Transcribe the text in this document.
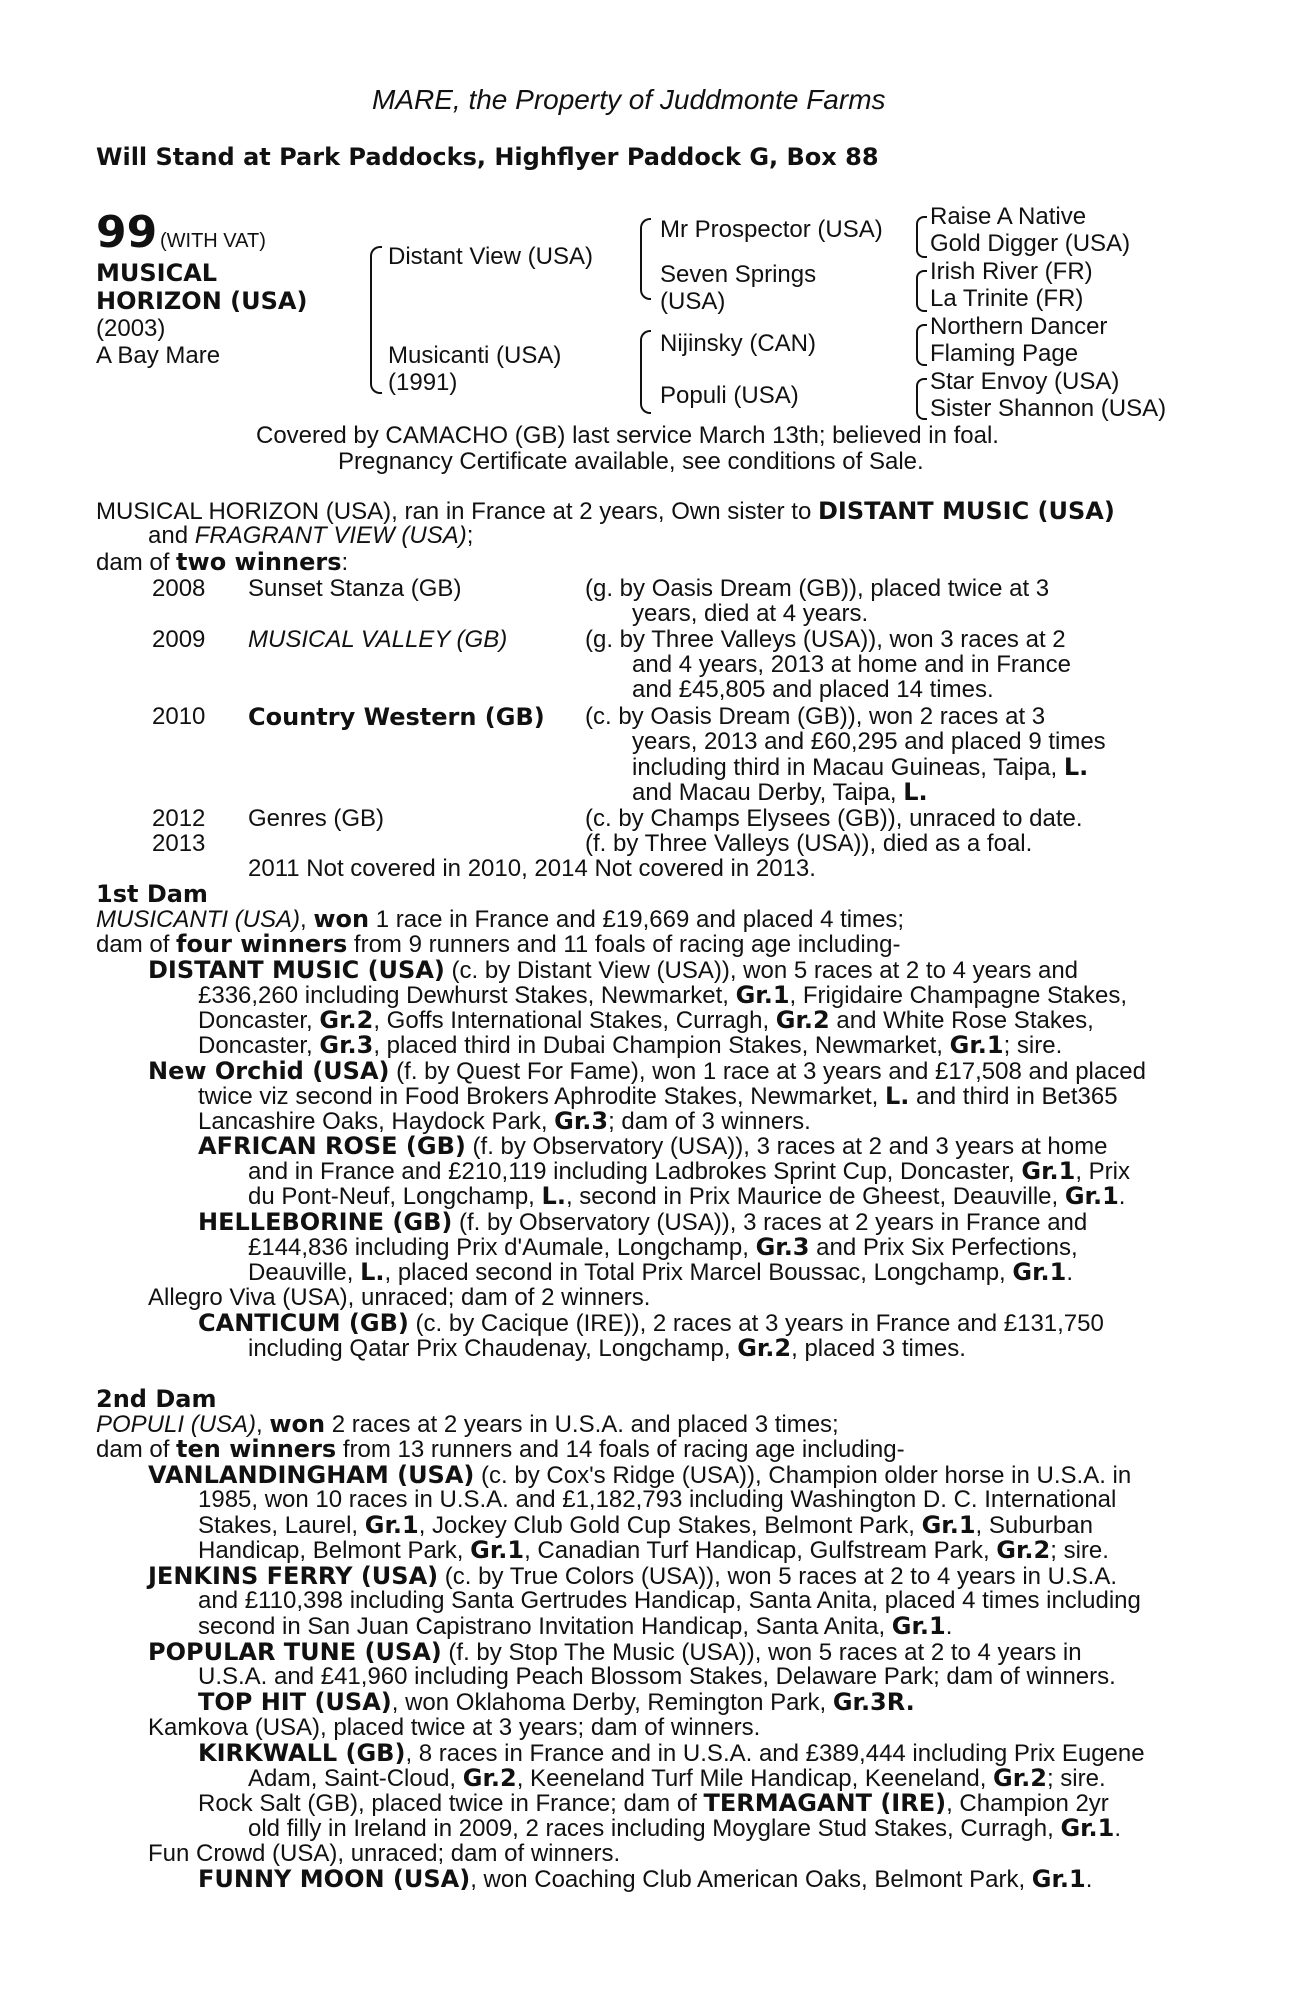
MARE, the Property of Juddmonte Farms
Will Stand at Park Paddocks, Highflyer Paddock G, Box 88
99 (WITH VAT)
MUSICAL
HORIZON (USA)
(2003)
A Bay Mare
Distant View (USA)
Musicanti (USA)
(1991)
Mr Prospector (USA)
Seven Springs
(USA)
Nijinsky (CAN)
Populi (USA)
Raise A Native
Gold Digger (USA)
Irish River (FR)
La Trinite (FR)
Northern Dancer
Flaming Page
Star Envoy (USA)
Sister Shannon (USA)
Covered by CAMACHO (GB) last service March 13th; believed in foal.
Pregnancy Certificate available, see conditions of Sale.
MUSICAL HORIZON (USA), ran in France at 2 years, Own sister to DISTANT MUSIC (USA)
and FRAGRANT VIEW (USA);
dam of two winners:
2008 Sunset Stanza (GB)	(g. by Oasis Dream (GB)), placed twice at 3
years, died at 4 years.
2009 MUSICAL VALLEY (GB)	(g. by Three Valleys (USA)), won 3 races at 2
and 4 years, 2013 at home and in France
and £45,805 and placed 14 times.
2010 Country Western (GB) (c. by Oasis Dream (GB)), won 2 races at 3
years, 2013 and £60,295 and placed 9 times
including third in Macau Guineas, Taipa, L.
and Macau Derby, Taipa, L.
2012 Genres (GB)	(c. by Champs Elysees (GB)), unraced to date.
2013	(f. by Three Valleys (USA)), died as a foal.
2011 Not covered in 2010, 2014 Not covered in 2013.
1st Dam
MUSICANTI (USA), won 1 race in France and £19,669 and placed 4 times;
dam of four winners from 9 runners and 11 foals of racing age including-
DISTANT MUSIC (USA) (c. by Distant View (USA)), won 5 races at 2 to 4 years and
£336,260 including Dewhurst Stakes, Newmarket, Gr.1, Frigidaire Champagne Stakes,
Doncaster, Gr.2, Goffs International Stakes, Curragh, Gr.2 and White Rose Stakes,
Doncaster, Gr.3, placed third in Dubai Champion Stakes, Newmarket, Gr.1; sire.
New Orchid (USA) (f. by Quest For Fame), won 1 race at 3 years and £17,508 and placed
twice viz second in Food Brokers Aphrodite Stakes, Newmarket, L. and third in Bet365
Lancashire Oaks, Haydock Park, Gr.3; dam of 3 winners.
AFRICAN ROSE (GB) (f. by Observatory (USA)), 3 races at 2 and 3 years at home
and in France and £210,119 including Ladbrokes Sprint Cup, Doncaster, Gr.1, Prix
du Pont-Neuf, Longchamp, L., second in Prix Maurice de Gheest, Deauville, Gr.1.
HELLEBORINE (GB) (f. by Observatory (USA)), 3 races at 2 years in France and
£144,836 including Prix d'Aumale, Longchamp, Gr.3 and Prix Six Perfections,
Deauville, L., placed second in Total Prix Marcel Boussac, Longchamp, Gr.1.
Allegro Viva (USA), unraced; dam of 2 winners.
CANTICUM (GB) (c. by Cacique (IRE)), 2 races at 3 years in France and £131,750
including Qatar Prix Chaudenay, Longchamp, Gr.2, placed 3 times.
2nd Dam
POPULI (USA), won 2 races at 2 years in U.S.A. and placed 3 times;
dam of ten winners from 13 runners and 14 foals of racing age including-
VANLANDINGHAM (USA) (c. by Cox's Ridge (USA)), Champion older horse in U.S.A. in
1985, won 10 races in U.S.A. and £1,182,793 including Washington D. C. International
Stakes, Laurel, Gr.1, Jockey Club Gold Cup Stakes, Belmont Park, Gr.1, Suburban
Handicap, Belmont Park, Gr.1, Canadian Turf Handicap, Gulfstream Park, Gr.2; sire.
JENKINS FERRY (USA) (c. by True Colors (USA)), won 5 races at 2 to 4 years in U.S.A.
and £110,398 including Santa Gertrudes Handicap, Santa Anita, placed 4 times including
second in San Juan Capistrano Invitation Handicap, Santa Anita, Gr.1.
POPULAR TUNE (USA) (f. by Stop The Music (USA)), won 5 races at 2 to 4 years in
U.S.A. and £41,960 including Peach Blossom Stakes, Delaware Park; dam of winners.
TOP HIT (USA), won Oklahoma Derby, Remington Park, Gr.3R.
Kamkova (USA), placed twice at 3 years; dam of winners.
KIRKWALL (GB), 8 races in France and in U.S.A. and £389,444 including Prix Eugene
Adam, Saint-Cloud, Gr.2, Keeneland Turf Mile Handicap, Keeneland, Gr.2; sire.
Rock Salt (GB), placed twice in France; dam of TERMAGANT (IRE), Champion 2yr
old filly in Ireland in 2009, 2 races including Moyglare Stud Stakes, Curragh, Gr.1.
Fun Crowd (USA), unraced; dam of winners.
FUNNY MOON (USA), won Coaching Club American Oaks, Belmont Park, Gr.1.
